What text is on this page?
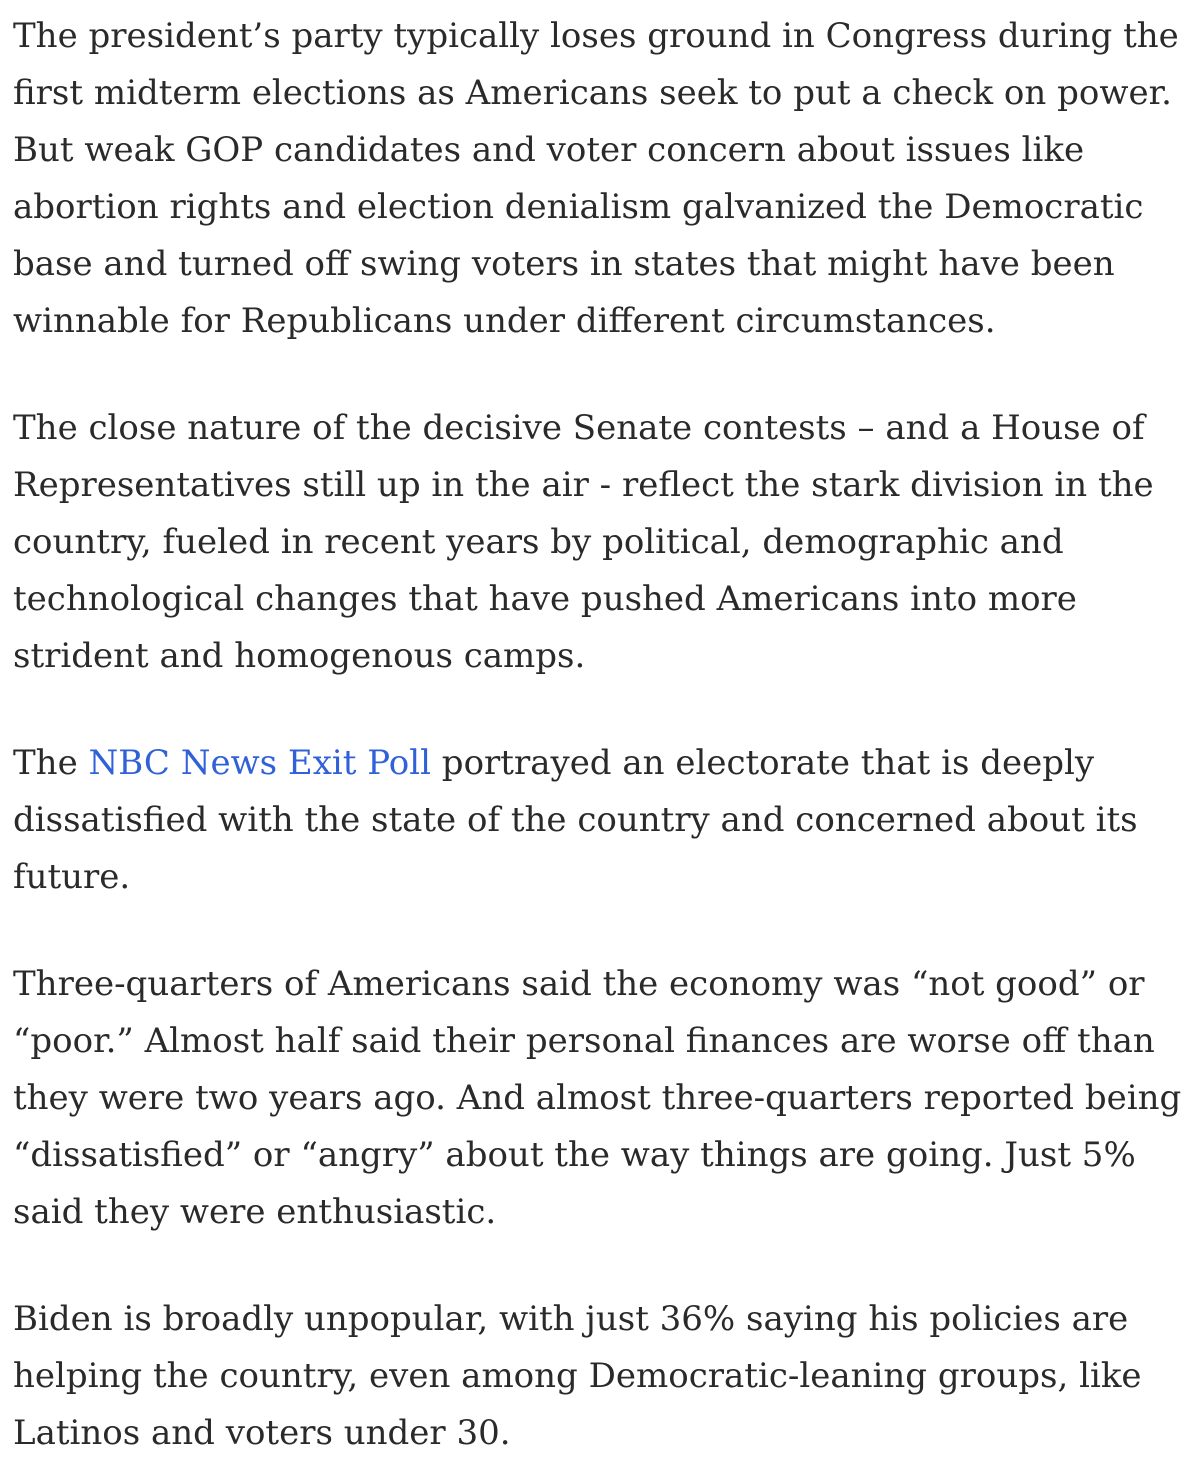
The president’s party typically loses ground in Congress during the first midterm elections as Americans seek to put a check on power. But weak GOP candidates and voter concern about issues like abortion rights and election denialism galvanized the Democratic base and turned off swing voters in states that might have been winnable for Republicans under different circumstances.

The close nature of the decisive Senate contests – and a House of Representatives still up in the air - reflect the stark division in the country, fueled in recent years by political, demographic and technological changes that have pushed Americans into more strident and homogenous camps.

The NBC News Exit Poll portrayed an electorate that is deeply dissatisfied with the state of the country and concerned about its future.

Three-quarters of Americans said the economy was “not good” or “poor.” Almost half said their personal finances are worse off than they were two years ago. And almost three-quarters reported being “dissatisfied” or “angry” about the way things are going. Just 5% said they were enthusiastic.

Biden is broadly unpopular, with just 36% saying his policies are helping the country, even among Democratic-leaning groups, like Latinos and voters under 30.
